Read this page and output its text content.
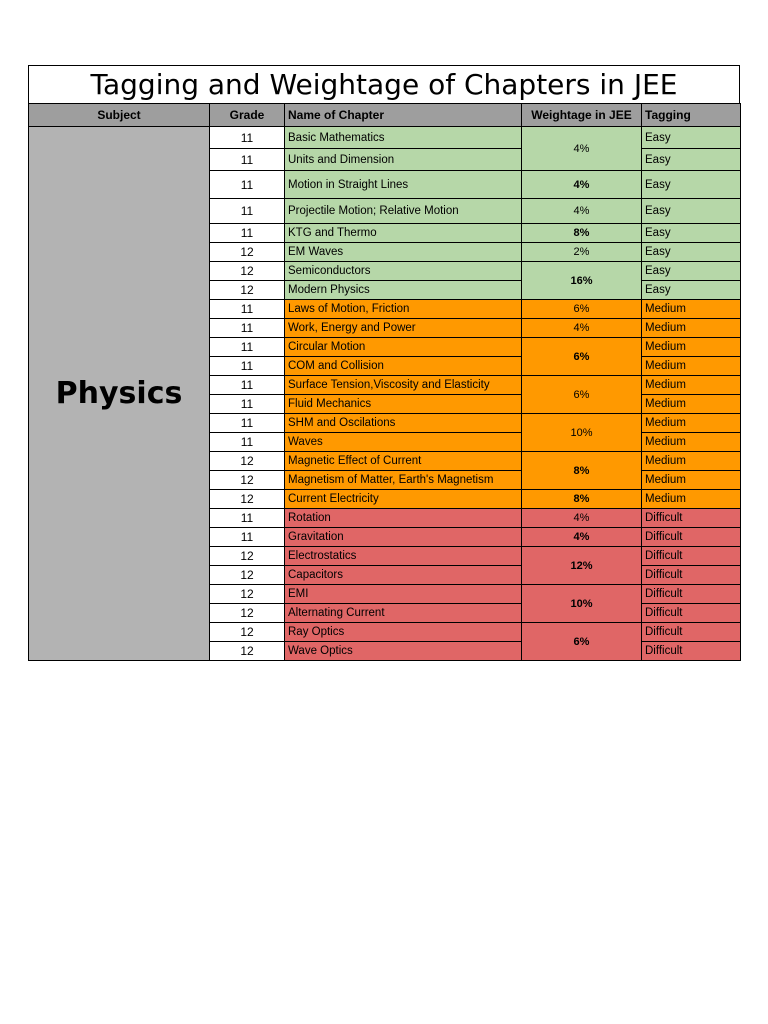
Tagging and Weightage of Chapters in JEE
Subject	Grade	Name of Chapter	Weightage in JEE	Tagging
Physics	11	Basic Mathematics	4%	Easy
	11	Units and Dimension		Easy
	11	Motion in Straight Lines	4%	Easy
	11	Projectile Motion; Relative Motion	4%	Easy
	11	KTG and Thermo	8%	Easy
	12	EM Waves	2%	Easy
	12	Semiconductors	16%	Easy
	12	Modern Physics		Easy
	11	Laws of Motion, Friction	6%	Medium
	11	Work, Energy and Power	4%	Medium
	11	Circular Motion	6%	Medium
	11	COM and Collision		Medium
	11	Surface Tension,Viscosity and Elasticity	6%	Medium
	11	Fluid Mechanics		Medium
	11	SHM and Oscilations	10%	Medium
	11	Waves		Medium
	12	Magnetic Effect of Current	8%	Medium
	12	Magnetism of Matter, Earth's Magnetism		Medium
	12	Current Electricity	8%	Medium
	11	Rotation	4%	Difficult
	11	Gravitation	4%	Difficult
	12	Electrostatics	12%	Difficult
	12	Capacitors		Difficult
	12	EMI	10%	Difficult
	12	Alternating Current		Difficult
	12	Ray Optics	6%	Difficult
	12	Wave Optics		Difficult
